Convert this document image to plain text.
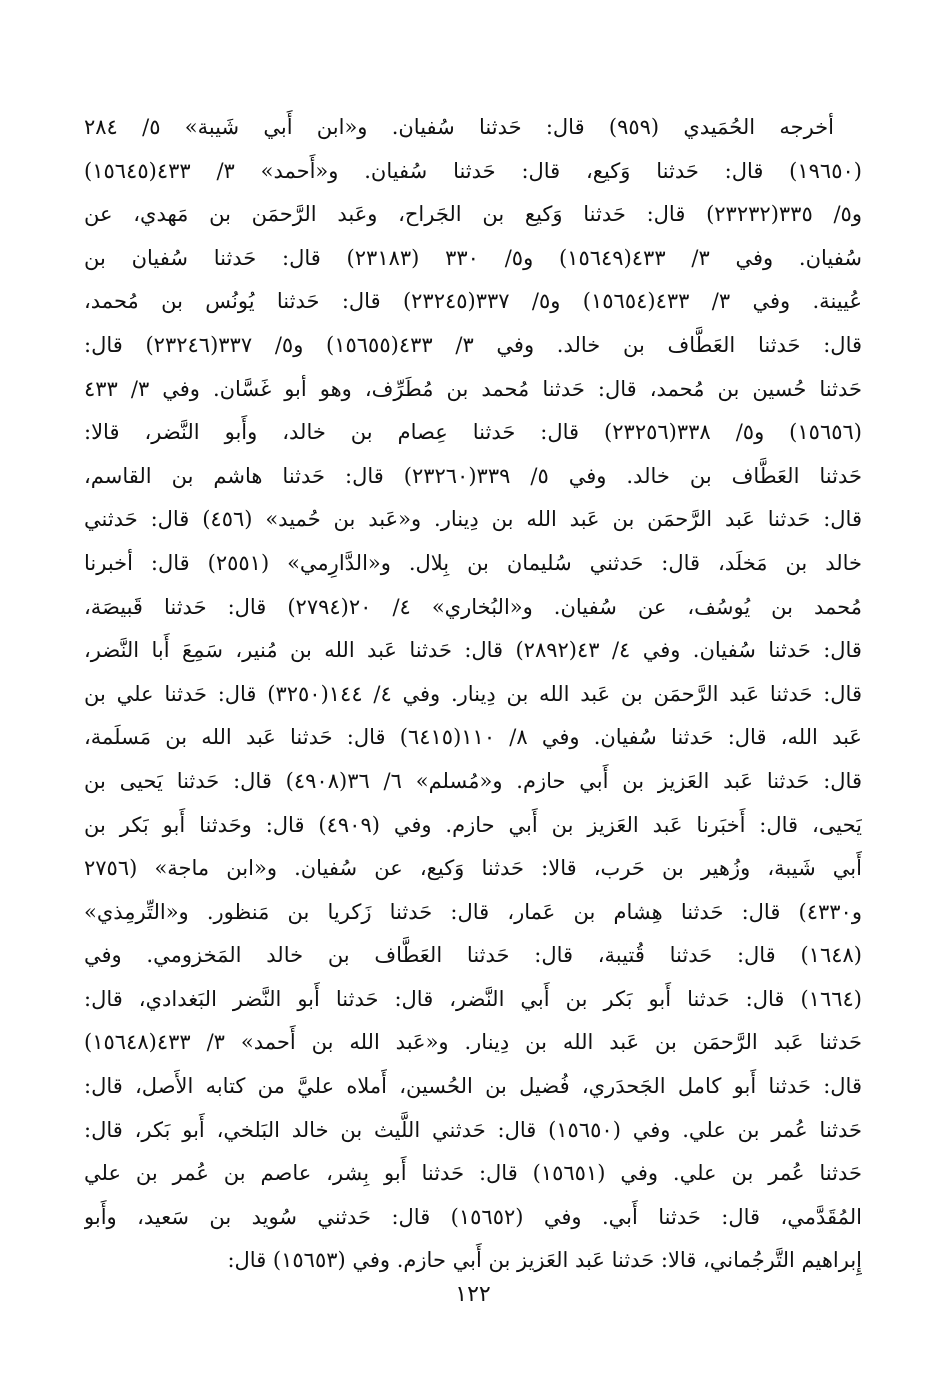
أخرجه الحُمَيدي (٩٥٩) قال: حَدثنا سُفيان. و«ابن أَبي شَيبة» ٥/ ٢٨٤
(١٩٦٥٠) قال: حَدثنا وَكيع، قال: حَدثنا سُفيان. و«أَحمد» ٣/ ٤٣٣(١٥٦٤٥)
و٥/ ٣٣٥(٢٣٢٣٢) قال: حَدثنا وَكيع بن الجَراح، وعَبد الرَّحمَن بن مَهدي، عن
سُفيان. وفي ٣/ ٤٣٣(١٥٦٤٩) و٥/ ٣٣٠ (٢٣١٨٣) قال: حَدثنا سُفيان بن
عُيينة. وفي ٣/ ٤٣٣(١٥٦٥٤) و٥/ ٣٣٧(٢٣٢٤٥) قال: حَدثنا يُونُس بن مُحمد،
قال: حَدثنا العَطَّاف بن خالد. وفي ٣/ ٤٣٣(١٥٦٥٥) و٥/ ٣٣٧(٢٣٢٤٦) قال:
حَدثنا حُسين بن مُحمد، قال: حَدثنا مُحمد بن مُطَرِّف، وهو أبو غَسَّان. وفي ٣/ ٤٣٣
(١٥٦٥٦) و٥/ ٣٣٨(٢٣٢٥٦) قال: حَدثنا عِصام بن خالد، وأَبو النَّضر، قالا:
حَدثنا العَطَّاف بن خالد. وفي ٥/ ٣٣٩(٢٣٢٦٠) قال: حَدثنا هاشم بن القاسم،
قال: حَدثنا عَبد الرَّحمَن بن عَبد الله بن دِينار. و«عَبد بن حُميد» (٤٥٦) قال: حَدثني
خالد بن مَخلَد، قال: حَدثني سُليمان بن بِلال. و«الدَّارِمي» (٢٥٥١) قال: أخبرنا
مُحمد بن يُوسُف، عن سُفيان. و«البُخاري» ٤/ ٢٠(٢٧٩٤) قال: حَدثنا قَبيصَة،
قال: حَدثنا سُفيان. وفي ٤/ ٤٣(٢٨٩٢) قال: حَدثنا عَبد الله بن مُنير، سَمِعَ أَبا النَّضر،
قال: حَدثنا عَبد الرَّحمَن بن عَبد الله بن دِينار. وفي ٤/ ١٤٤(٣٢٥٠) قال: حَدثنا علي بن
عَبد الله، قال: حَدثنا سُفيان. وفي ٨/ ١١٠(٦٤١٥) قال: حَدثنا عَبد الله بن مَسلَمة،
قال: حَدثنا عَبد العَزيز بن أَبي حازم. و«مُسلم» ٦/ ٣٦(٤٩٠٨) قال: حَدثنا يَحيى بن
يَحيى، قال: أَخبَرنا عَبد العَزيز بن أَبي حازم. وفي (٤٩٠٩) قال: وحَدثنا أَبو بَكر بن
أَبي شَيبة، وزُهير بن حَرب، قالا: حَدثنا وَكيع، عن سُفيان. و«ابن ماجة» (٢٧٥٦
و٤٣٣٠) قال: حَدثنا هِشام بن عَمار، قال: حَدثنا زَكريا بن مَنظور. و«التِّرمِذي»
(١٦٤٨) قال: حَدثنا قُتيبة، قال: حَدثنا العَطَّاف بن خالد المَخزومي. وفي
(١٦٦٤) قال: حَدثنا أَبو بَكر بن أَبي النَّضر، قال: حَدثنا أَبو النَّضر البَغدادي، قال:
حَدثنا عَبد الرَّحمَن بن عَبد الله بن دِينار. و«عَبد الله بن أَحمد» ٣/ ٤٣٣(١٥٦٤٨)
قال: حَدثنا أَبو كامل الجَحدَري، فُضيل بن الحُسين، أَملاه عليَّ من كتابه الأَصل، قال:
حَدثنا عُمر بن علي. وفي (١٥٦٥٠) قال: حَدثني اللَّيث بن خالد البَلخي، أَبو بَكر، قال:
حَدثنا عُمر بن علي. وفي (١٥٦٥١) قال: حَدثنا أَبو بِشر، عاصم بن عُمر بن علي
المُقَدَّمي، قال: حَدثنا أَبي. وفي (١٥٦٥٢) قال: حَدثني سُويد بن سَعيد، وأَبو
إِبراهيم التَّرجُماني، قالا: حَدثنا عَبد العَزيز بن أَبي حازم. وفي (١٥٦٥٣) قال:
١٢٢
